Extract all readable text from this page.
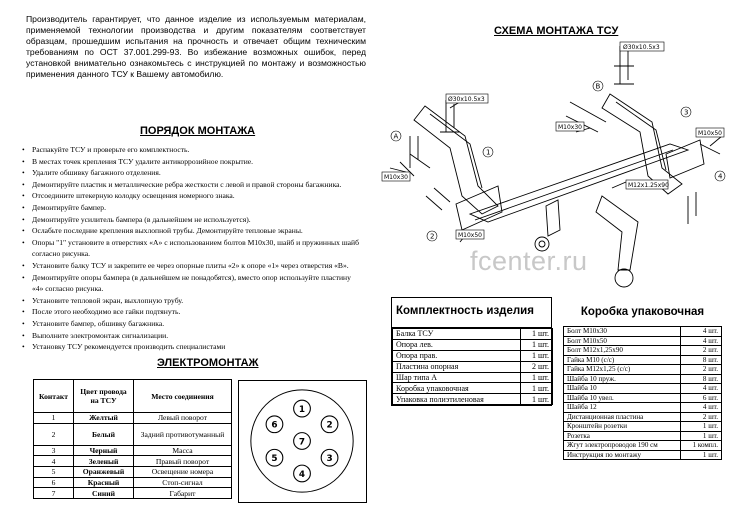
Производитель гарантирует, что данное изделие из используемым материалам, применяемой технологии производства и другим показателям соответствует образцам, прошедшим испытания на прочность и отвечает общим техническим требованиям по ОСТ 37.001.299-93. Во избежание возможных ошибок, перед установкой внимательно ознакомьтесь с инструкцией по монтажу и возможностью применения данного ТСУ к Вашему автомобилю.
ПОРЯДОК МОНТАЖА
• Распакуйте ТСУ и проверьте его комплектность.
• В местах точек крепления ТСУ удалите антикоррозийное покрытие.
• Удалите обшивку багажного отделения.
• Демонтируйте пластик и металлические ребра жесткости с левой и правой стороны багажника.
• Отсоедините штекерную колодку освещения номерного знака.
• Демонтируйте бампер.
• Демонтируйте усилитель бампера (в дальнейшем не используется).
• Ослабьте последние крепления выхлопной трубы. Демонтируйте тепловые экраны.
• Опоры "1" установите в отверстиях «А» с использованием болтов М10х30, шайб и пружинных шайб
согласно рисунка.
• Установите балку ТСУ и закрепите ее через опорные плиты «2» к опоре «1» через отверстия «В».
• Демонтируйте опоры бампера (в дальнейшем не понадобятся), вместо опор используйте пластину
«4» согласно рисунка.
• Установите тепловой экран, выхлопную трубу.
• После этого необходимо все гайки подтянуть.
• Установите бампер, обшивку багажника.
• Выполните электромонтаж сигнализации.
• Установку ТСУ рекомендуется производить специалистами
СХЕМА МОНТАЖА ТСУ
Ø30x10.5x3
Ø30x10.5x3
M10x30
M10x30
M10x50
M10x50
M12x1.25x90
A
B
1
2
3
4
fcenter.ru
ЭЛЕКТРОМОНТАЖ
Контакт	Цвет провода на ТСУ	Место соединения
1	Желтый	Левый поворот
2	Белый	Задний противотуманный
3	Черный	Масса
4	Зеленый	Правый поворот
5	Оранжевый	Освещение номера
6	Красный	Стоп-сигнал
7	Синий	Габарит
1
2
3
4
5
6
7
Комплектность изделия
Балка ТСУ	1 шт.
Опора лев.	1 шт.
Опора прав.	1 шт.
Пластина опорная	2 шт.
Шар типа А	1 шт.
Коробка упаковочная	1 шт.
Упаковка полиэтиленовая	1 шт.
Коробка упаковочная
Болт М10х30	4 шт.
Болт М10х50	4 шт.
Болт М12х1,25х90	2 шт.
Гайка М10 (с/с)	8 шт.
Гайка М12х1,25 (с/с)	2 шт.
Шайба 10 пруж.	8 шт.
Шайба 10	4 шт.
Шайба 10 увел.	6 шт.
Шайба 12	4 шт.
Дистанционная пластина	2 шт.
Кронштейн розетки	1 шт.
Розетка	1 шт.
Жгут электропроводов 190 см	1 компл.
Инструкция по монтажу	1 шт.
